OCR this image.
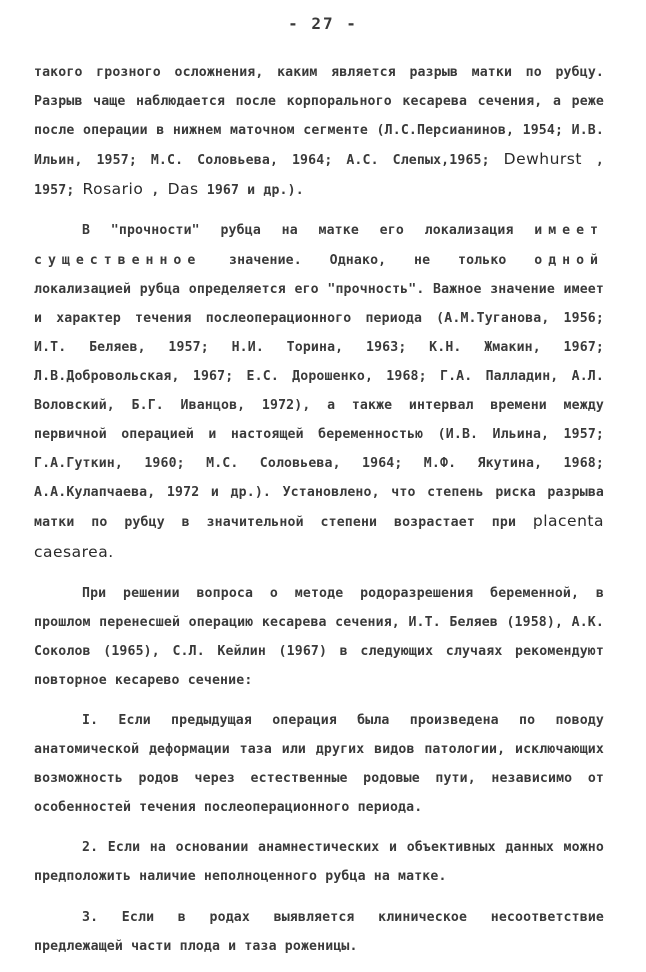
- 27 -

такого грозного осложнения, каким является разрыв матки по рубцу. Разрыв чаще наблюдается после корпорального кесарева сечения, а реже после операции в нижнем маточном сегменте (Л.С.Персианинов, 1954; И.В. Ильин, 1957; М.С. Соловьева, 1964; А.С. Слепых,1965; Dewhurst , 1957; Rosario , Das 1967 и др.).

В "прочности" рубца на матке его локализация имеет существенное значение. Однако, не только одной локализацией рубца определяется его "прочность". Важное значение имеет и характер течения послеоперационного периода (А.М.Туганова, 1956; И.Т. Беляев, 1957; Н.И. Торина, 1963; К.Н. Жмакин, 1967; Л.В.Добровольская, 1967; Е.С. Дорошенко, 1968; Г.А. Палладин, А.Л. Воловский, Б.Г. Иванцов, 1972), а также интервал времени между первичной операцией и настоящей беременностью (И.В. Ильина, 1957; Г.А.Гуткин, 1960; М.С. Соловьева, 1964; М.Ф. Якутина, 1968; А.А.Кулапчаева, 1972 и др.). Установлено, что степень риска разрыва матки по рубцу в значительной степени возрастает при placenta caesarea.

При решении вопроса о методе родоразрешения беременной, в прошлом перенесшей операцию кесарева сечения, И.Т. Беляев (1958), А.К. Соколов (1965), С.Л. Кейлин (1967) в следующих случаях рекомендуют повторное кесарево сечение:

I. Если предыдущая операция была произведена по поводу анатомической деформации таза или других видов патологии, исключающих возможность родов через естественные родовые пути, независимо от особенностей течения послеоперационного периода.

2. Если на основании анамнестических и объективных данных можно предположить наличие неполноценного рубца на матке.

3. Если в родах выявляется клиническое несоответствие предлежащей части плода и таза роженицы.
